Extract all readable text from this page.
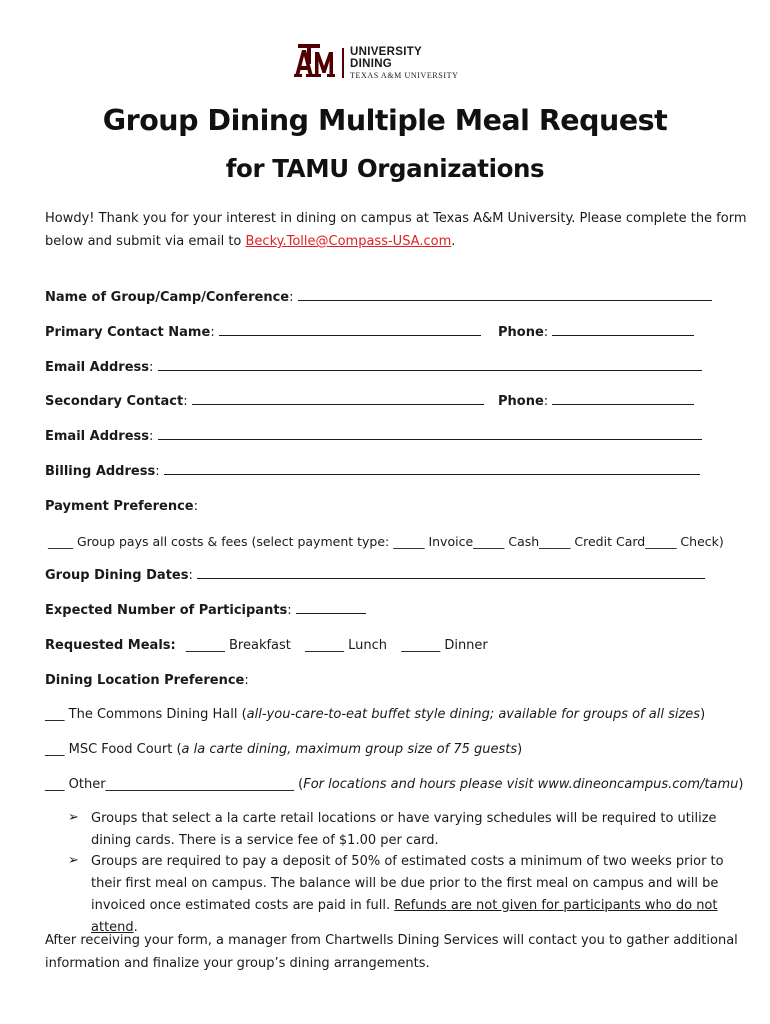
UNIVERSITY
DINING
TEXAS A&M UNIVERSITY
Group Dining Multiple Meal Request
for TAMU Organizations
Howdy! Thank you for your interest in dining on campus at Texas A&M University. Please complete the form
below and submit via email to Becky.Tolle@Compass-USA.com.
Name of Group/Camp/Conference:
Primary Contact Name:	Phone:
Email Address:
Secondary Contact:	Phone:
Email Address:
Billing Address:
Payment Preference:
____ Group pays all costs & fees (select payment type: _____ Invoice_____ Cash_____ Credit Card_____ Check)
Group Dining Dates:
Expected Number of Participants:
Requested Meals: ______ Breakfast ______ Lunch ______ Dinner
Dining Location Preference:
___ The Commons Dining Hall (all-you-care-to-eat buffet style dining; available for groups of all sizes)
___ MSC Food Court (a la carte dining, maximum group size of 75 guests)
___ Other_____________________________ (For locations and hours please visit www.dineoncampus.com/tamu)
➢ Groups that select a la carte retail locations or have varying schedules will be required to utilize dining cards. There is a service fee of $1.00 per card.
➢ Groups are required to pay a deposit of 50% of estimated costs a minimum of two weeks prior to their first meal on campus. The balance will be due prior to the first meal on campus and will be invoiced once estimated costs are paid in full. Refunds are not given for participants who do not attend.
After receiving your form, a manager from Chartwells Dining Services will contact you to gather additional
information and finalize your group’s dining arrangements.
